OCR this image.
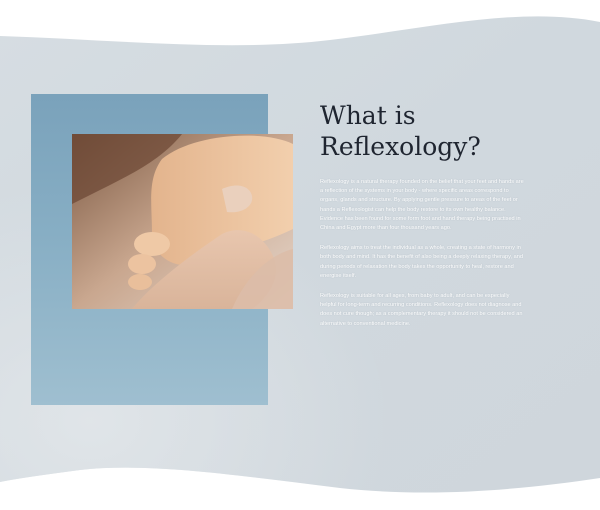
What is
Reflexology?

Reflexology is a natural therapy founded on the belief that your feet and hands are a reflection of the systems in your body - where specific areas correspond to organs, glands and structure. By applying gentle pressure to areas of the feet or hands a Reflexologist can help the body restore to its own healthy balance. Evidence has been found for some form foot and hand therapy being practised in China and Egypt more than four thousand years ago.

Reflexology aims to treat the individual as a whole, creating a state of harmony in both body and mind. It has the benefit of also being a deeply relaxing therapy, and during periods of relaxation the body takes the opportunity to heal, restore and energise itself.

Reflexology is suitable for all ages, from baby to adult, and can be especially helpful for long-term and recurring conditions. Reflexology does not diagnose and does not cure though; as a complementary therapy it should not be considered an alternative to conventional medicine.
